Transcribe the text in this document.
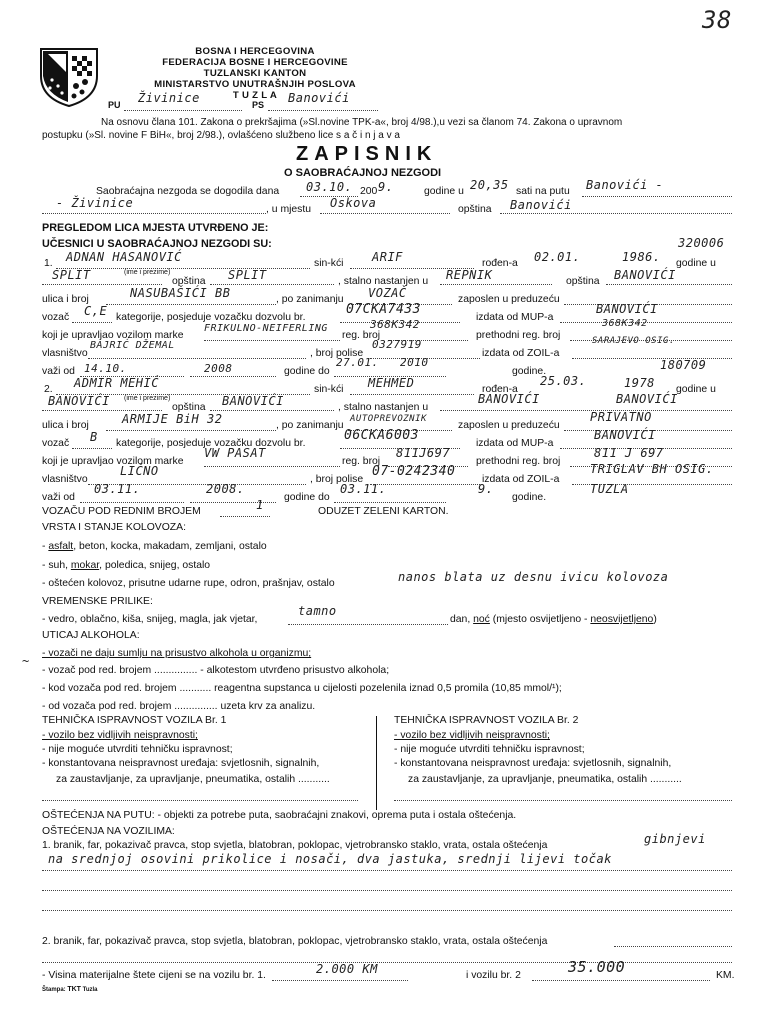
38
BOSNA I HERCEGOVINA
FEDERACIJA BOSNE I HERCEGOVINE
TUZLANSKI KANTON
MINISTARSTVO UNUTRAŠNJIH POSLOVA
T U Z L A
PU Živinice	PS Banovići
Na osnovu člana 101. Zakona o prekršajima (»Sl.novine TPK-a«, broj 4/98.),u vezi sa članom 74. Zakona o upravnom
postupku (»Sl. novine F BiH«, broj 2/98.), ovlašćeno službeno lice s a č i n j a v a
ZAPISNIK
O SAOBRAĆAJNOJ NEZGODI
Saobraćajna nezgoda se dogodila dana 03.10. 200 9.	godine u 20,35 sati na putu Banovići -
- Živinice	, u mjestu Oskova	opština Banovići
PREGLEDOM LICA MJESTA UTVRĐENO JE:
UČESNICI U SAOBRAĆAJNOJ NEZGODI SU:	320006
1. ADNAN HASANOVIĆ	sin-kći ARIF	rođen-a 02.01.	1986. godine u
(ime i prezime)
SPLIT	opština SPLIT	, stalno nastanjen u REPNIK	opština BANOVIĆI
ulica i broj	NASUBAŠIĆI BB	, po zanimanju VOZAČ	zaposlen u preduzeću
vozač C,E kategorije, posjeduje vozačku dozvolu br.
07CKA7433
izdata od MUP-a
BANOVIĆI
koji je upravljao vozilom marke
FRIKULNO-NEIFERLING
reg. broj
368K342
prethodni reg. broj
368K342
vlasništvo
BAJRIĆ DŽEMAL
, broj polise
0327919
izdata od ZOIL-a
SARAJEVO OSIG.
važi od 14.10.	2008	godine do
27.01. 2010
godine.	180709
2. ADMIR MEHIĆ	sin-kći MEHMED	rođen-a
25.03.	1978 godine u
(ime i prezime)
BANOVIĆI	opština BANOVIĆI	, stalno nastanjen u
BANOVIĆI	BANOVIĆI
ulica i broj	ARMIJE BiH 32	, po zanimanju
AUTOPREVOZNIK
zaposlen u preduzeću
PRIVATNO
vozač B kategorije, posjeduje vozačku dozvolu br.
06CKA6003
izdata od MUP-a
BANOVIĆI
koji je upravljao vozilom marke
VW PASAT
reg. broj
811J697
prethodni reg. broj
811 J 697
vlasništvo
LIČNO
, broj polise
07-0242340
izdata od ZOIL-a
TRIGLAV BH OSIG.
važi od
03.11.	2008.
godine do
03.11.	9.
godine.
TUZLA
VOZAČU POD REDNIM BROJEM	1	ODUZET ZELENI KARTON.
VRSTA I STANJE KOLOVOZA:
- asfalt, beton, kocka, makadam, zemljani, ostalo
- suh, mokar, poledica, snijeg, ostalo
- oštećen kolovoz, prisutne udarne rupe, odron, prašnjav, ostalo	nanos blata uz desnu ivicu kolovoza
VREMENSKE PRILIKE:
- vedro, oblačno, kiša, snijeg, magla, jak vjetar,
tamno
dan, noć (mjesto osvijetljeno - neosvijetljeno)
UTICAJ ALKOHOLA:
- vozači ne daju sumlju na prisustvo alkohola u organizmu;
- vozač pod red. brojem ............... - alkotestom utvrđeno prisustvo alkohola;
- kod vozača pod red. brojem ........... reagentna supstanca u cijelosti pozelenila iznad 0,5 promila (10,85 mmol/¹);
- od vozača pod red. brojem ............... uzeta krv za analizu.
~
TEHNIČKA ISPRAVNOST VOZILA Br. 1
- vozilo bez vidljivih neispravnosti;
- nije moguće utvrditi tehničku ispravnost;
- konstantovana neispravnost uređaja: svjetlosnih, signalnih,
za zaustavljanje, za upravljanje, pneumatika, ostalih ...........
TEHNIČKA ISPRAVNOST VOZILA Br. 2
- vozilo bez vidljivih neispravnosti;
- nije moguće utvrditi tehničku ispravnost;
- konstantovana neispravnost uređaja: svjetlosnih, signalnih,
za zaustavljanje, za upravljanje, pneumatika, ostalih ...........
OŠTEĆENJA NA PUTU: - objekti za potrebe puta, saobraćajni znakovi, oprema puta i ostala oštećenja.
OŠTEĆENJA NA VOZILIMA:
1. branik, far, pokazivač pravca, stop svjetla, blatobran, poklopac, vjetrobransko staklo, vrata, ostala oštećenja	gibnjevi
na srednjoj osovini prikolice i nosači, dva jastuka, srednji lijevi točak
2. branik, far, pokazivač pravca, stop svjetla, blatobran, poklopac, vjetrobransko staklo, vrata, ostala oštećenja
- Visina materijalne štete cijeni se na vozilu br. 1.	2.000 KM	i vozilu br. 2	35.000	KM.
Štampa: TKT Tuzla
